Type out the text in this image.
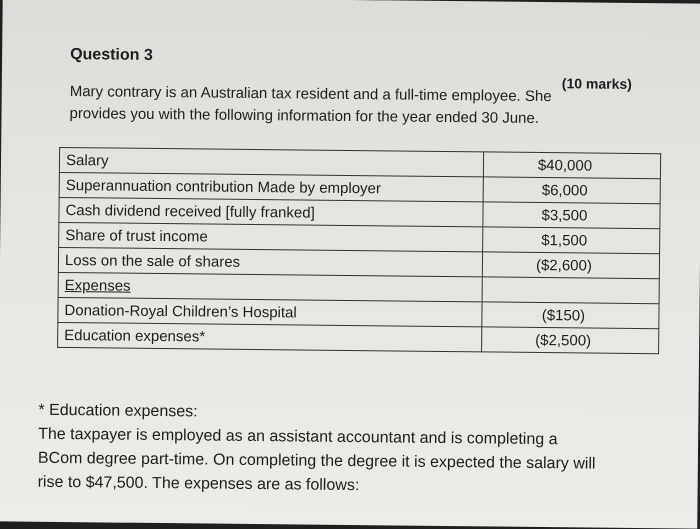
Question 3
(10 marks)
Mary contrary is an Australian tax resident and a full-time employee. She
provides you with the following information for the year ended 30 June.
Salary	$40,000
Superannuation contribution Made by employer	$6,000
Cash dividend received [fully franked]	$3,500
Share of trust income	$1,500
Loss on the sale of shares	($2,600)
Expenses	
Donation-Royal Children’s Hospital	($150)
Education expenses*	($2,500)
* Education expenses:
The taxpayer is employed as an assistant accountant and is completing a
BCom degree part-time. On completing the degree it is expected the salary will
rise to $47,500. The expenses are as follows:
